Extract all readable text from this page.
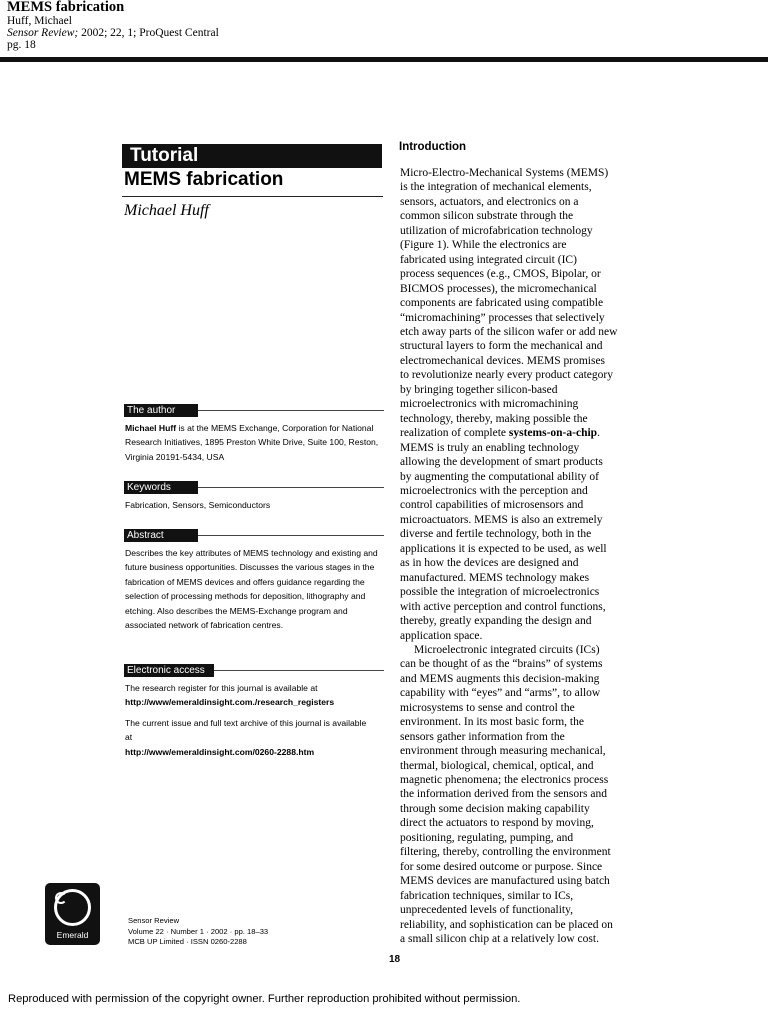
MEMS fabrication
Huff, Michael
Sensor Review; 2002; 22, 1; ProQuest Central
pg. 18
Tutorial
MEMS fabrication
Michael Huff
The author
Michael Huff is at the MEMS Exchange, Corporation for National Research Initiatives, 1895 Preston White Drive, Suite 100, Reston, Virginia 20191-5434, USA
Keywords
Fabrication, Sensors, Semiconductors
Abstract
Describes the key attributes of MEMS technology and existing and future business opportunities. Discusses the various stages in the fabrication of MEMS devices and offers guidance regarding the selection of processing methods for deposition, lithography and etching. Also describes the MEMS-Exchange program and associated network of fabrication centres.
Electronic access
The research register for this journal is available at
http://www/emeraldinsight.com./research_registers
The current issue and full text archive of this journal is available at
http://www/emeraldinsight.com/0260-2288.htm
Emerald
Sensor Review
Volume 22 · Number 1 · 2002 · pp. 18–33
MCB UP Limited · ISSN 0260-2288
Introduction
Micro-Electro-Mechanical Systems (MEMS)
is the integration of mechanical elements,
sensors, actuators, and electronics on a
common silicon substrate through the
utilization of microfabrication technology
(Figure 1). While the electronics are
fabricated using integrated circuit (IC)
process sequences (e.g., CMOS, Bipolar, or
BICMOS processes), the micromechanical
components are fabricated using compatible
“micromachining” processes that selectively
etch away parts of the silicon wafer or add new
structural layers to form the mechanical and
electromechanical devices. MEMS promises
to revolutionize nearly every product category
by bringing together silicon-based
microelectronics with micromachining
technology, thereby, making possible the
realization of complete systems-on-a-chip.
MEMS is truly an enabling technology
allowing the development of smart products
by augmenting the computational ability of
microelectronics with the perception and
control capabilities of microsensors and
microactuators. MEMS is also an extremely
diverse and fertile technology, both in the
applications it is expected to be used, as well
as in how the devices are designed and
manufactured. MEMS technology makes
possible the integration of microelectronics
with active perception and control functions,
thereby, greatly expanding the design and
application space.
Microelectronic integrated circuits (ICs)
can be thought of as the “brains” of systems
and MEMS augments this decision-making
capability with “eyes” and “arms”, to allow
microsystems to sense and control the
environment. In its most basic form, the
sensors gather information from the
environment through measuring mechanical,
thermal, biological, chemical, optical, and
magnetic phenomena; the electronics process
the information derived from the sensors and
through some decision making capability
direct the actuators to respond by moving,
positioning, regulating, pumping, and
filtering, thereby, controlling the environment
for some desired outcome or purpose. Since
MEMS devices are manufactured using batch
fabrication techniques, similar to ICs,
unprecedented levels of functionality,
reliability, and sophistication can be placed on
a small silicon chip at a relatively low cost.
18
Reproduced with permission of the copyright owner. Further reproduction prohibited without permission.
